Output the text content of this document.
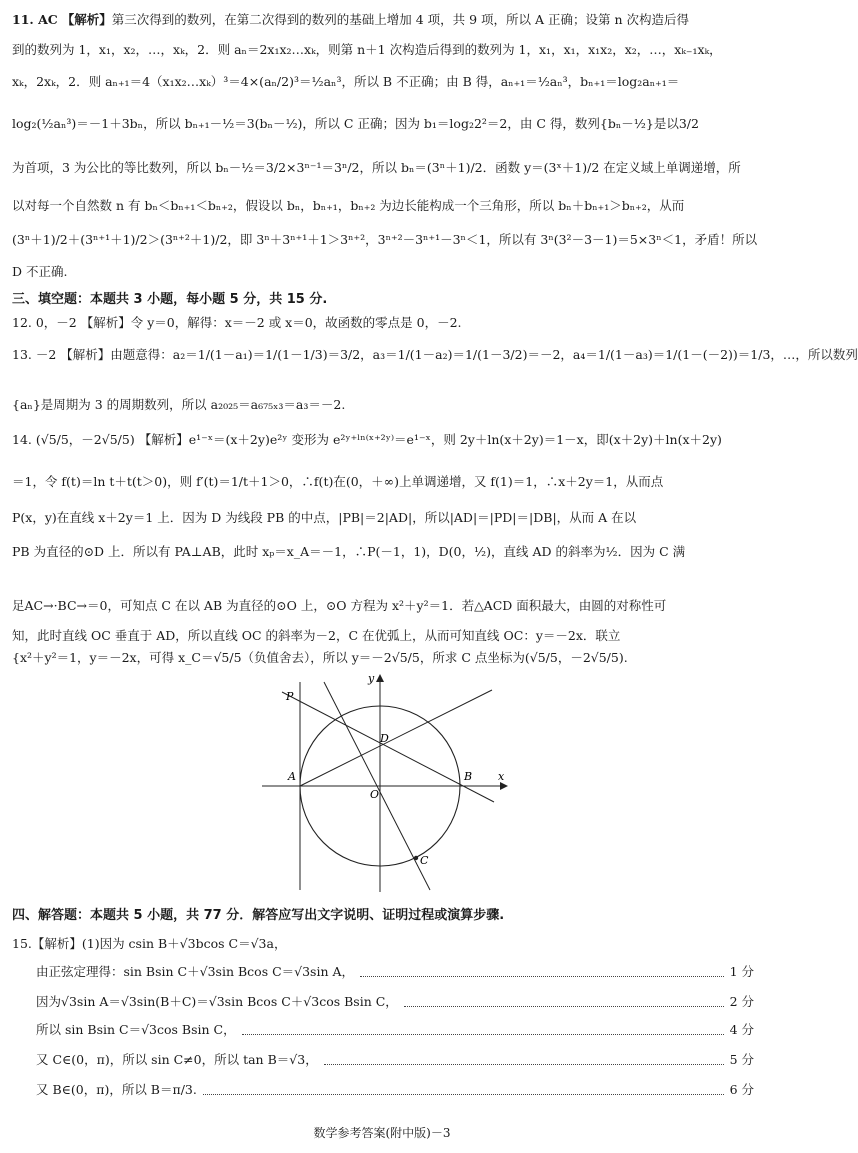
11. AC 【解析】第三次得到的数列，在第二次得到的数列的基础上增加 4 项，共 9 项，所以 A 正确；设第 n 次构造后得
到的数列为 1，x₁，x₂，…，xₖ，2．则 aₙ＝2x₁x₂…xₖ，则第 n＋1 次构造后得到的数列为 1，x₁，x₁，x₁x₂，x₂，…，xₖ₋₁xₖ，
xₖ，2xₖ，2．则 aₙ₊₁＝4（x₁x₂…xₖ）³＝4×(aₙ/2)³＝½aₙ³，所以 B 不正确；由 B 得，aₙ₊₁＝½aₙ³，bₙ₊₁＝log₂aₙ₊₁＝
log₂(½aₙ³)＝－1＋3bₙ，所以 bₙ₊₁－½＝3(bₙ－½)，所以 C 正确；因为 b₁＝log₂2²＝2，由 C 得，数列{bₙ－½}是以3/2
为首项，3 为公比的等比数列，所以 bₙ－½＝3/2×3ⁿ⁻¹＝3ⁿ/2，所以 bₙ＝(3ⁿ＋1)/2．函数 y＝(3ˣ＋1)/2 在定义域上单调递增，所
以对每一个自然数 n 有 bₙ＜bₙ₊₁＜bₙ₊₂，假设以 bₙ，bₙ₊₁，bₙ₊₂ 为边长能构成一个三角形，所以 bₙ＋bₙ₊₁＞bₙ₊₂，从而
(3ⁿ＋1)/2＋(3ⁿ⁺¹＋1)/2＞(3ⁿ⁺²＋1)/2，即 3ⁿ＋3ⁿ⁺¹＋1＞3ⁿ⁺²，3ⁿ⁺²－3ⁿ⁺¹－3ⁿ＜1，所以有 3ⁿ(3²－3－1)＝5×3ⁿ＜1，矛盾！所以
D 不正确.
三、填空题：本题共 3 小题，每小题 5 分，共 15 分.
12. 0，－2 【解析】令 y＝0，解得：x＝－2 或 x＝0，故函数的零点是 0，－2.
13. －2 【解析】由题意得：a₂＝1/(1－a₁)＝1/(1－1/3)＝3/2，a₃＝1/(1－a₂)＝1/(1－3/2)＝－2，a₄＝1/(1－a₃)＝1/(1－(－2))＝1/3，…，所以数列
{aₙ}是周期为 3 的周期数列，所以 a₂₀₂₅＝a₆₇₅ₓ₃＝a₃＝－2.
14. (√5/5，－2√5/5) 【解析】e¹⁻ˣ＝(x＋2y)e²ʸ 变形为 e²ʸ⁺ˡⁿ⁽ˣ⁺²ʸ⁾＝e¹⁻ˣ，则 2y＋ln(x＋2y)＝1－x，即(x＋2y)＋ln(x＋2y)
＝1，令 f(t)＝ln t＋t(t＞0)，则 f′(t)＝1/t＋1＞0，∴f(t)在(0，＋∞)上单调递增，又 f(1)＝1，∴x＋2y＝1，从而点
P(x，y)在直线 x＋2y＝1 上．因为 D 为线段 PB 的中点，|PB|＝2|AD|，所以|AD|＝|PD|＝|DB|，从而 A 在以
PB 为直径的⊙D 上．所以有 PA⊥AB，此时 xₚ＝x_A＝－1，∴P(－1，1)，D(0，½)，直线 AD 的斜率为½．因为 C 满
足AC→·BC→＝0，可知点 C 在以 AB 为直径的⊙O 上，⊙O 方程为 x²＋y²＝1．若△ACD 面积最大，由圆的对称性可
知，此时直线 OC 垂直于 AD，所以直线 OC 的斜率为－2，C 在优弧上，从而可知直线 OC：y＝－2x．联立
{x²＋y²＝1，y＝－2x，可得 x_C＝√5/5（负值舍去），所以 y＝－2√5/5，所求 C 点坐标为(√5/5，－2√5/5).
P
D
A
O
B
C
x
y
四、解答题：本题共 5 小题，共 77 分．解答应写出文字说明、证明过程或演算步骤.
15.【解析】(1)因为 csin B＋√3bcos C＝√3a，
由正弦定理得：sin Bsin C＋√3sin Bcos C＝√3sin A，	1 分
因为√3sin A＝√3sin(B＋C)＝√3sin Bcos C＋√3cos Bsin C，	2 分
所以 sin Bsin C＝√3cos Bsin C，	4 分
又 C∈(0，π)，所以 sin C≠0，所以 tan B＝√3，	5 分
又 B∈(0，π)，所以 B＝π/3.	6 分
数学参考答案(附中版)－3
